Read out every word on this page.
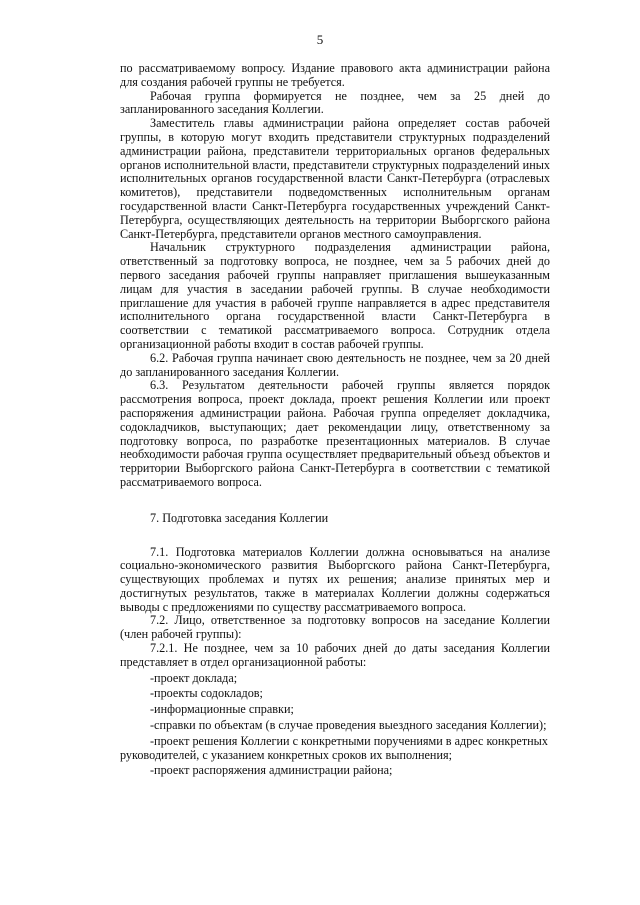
5

по рассматриваемому вопросу. Издание правового акта администрации района для создания рабочей группы не требуется.

Рабочая группа формируется не позднее, чем за 25 дней до запланированного заседания Коллегии.

Заместитель главы администрации района определяет состав рабочей группы, в которую могут входить представители структурных подразделений администрации района, представители территориальных органов федеральных органов исполнительной власти, представители структурных подразделений иных исполнительных органов государственной власти Санкт-Петербурга (отраслевых комитетов), представители подведомственных исполнительным органам государственной власти Санкт-Петербурга государственных учреждений Санкт-Петербурга, осуществляющих деятельность на территории Выборгского района Санкт-Петербурга, представители органов местного самоуправления.

Начальник структурного подразделения администрации района, ответственный за подготовку вопроса, не позднее, чем за 5 рабочих дней до первого заседания рабочей группы направляет приглашения вышеуказанным лицам для участия в заседании рабочей группы. В случае необходимости приглашение для участия в рабочей группе направляется в адрес представителя исполнительного органа государственной власти Санкт-Петербурга в соответствии с тематикой рассматриваемого вопроса. Сотрудник отдела организационной работы входит в состав рабочей группы.

6.2. Рабочая группа начинает свою деятельность не позднее, чем за 20 дней до запланированного заседания Коллегии.

6.3. Результатом деятельности рабочей группы является порядок рассмотрения вопроса, проект доклада, проект решения Коллегии или проект распоряжения администрации района. Рабочая группа определяет докладчика, содокладчиков, выступающих; дает рекомендации лицу, ответственному за подготовку вопроса, по разработке презентационных материалов. В случае необходимости рабочая группа осуществляет предварительный объезд объектов и территории Выборгского района Санкт-Петербурга в соответствии с тематикой рассматриваемого вопроса.

7. Подготовка заседания Коллегии

7.1. Подготовка материалов Коллегии должна основываться на анализе социально-экономического развития Выборгского района Санкт-Петербурга, существующих проблемах и путях их решения; анализе принятых мер и достигнутых результатов, также в материалах Коллегии должны содержаться выводы с предложениями по существу рассматриваемого вопроса.

7.2. Лицо, ответственное за подготовку вопросов на заседание Коллегии (член рабочей группы):

7.2.1. Не позднее, чем за 10 рабочих дней до даты заседания Коллегии представляет в отдел организационной работы:

-проект доклада;

-проекты содокладов;

-информационные справки;

-справки по объектам (в случае проведения выездного заседания Коллегии);

-проект решения Коллегии с конкретными поручениями в адрес конкретных руководителей, с указанием конкретных сроков их выполнения;

-проект распоряжения администрации района;
